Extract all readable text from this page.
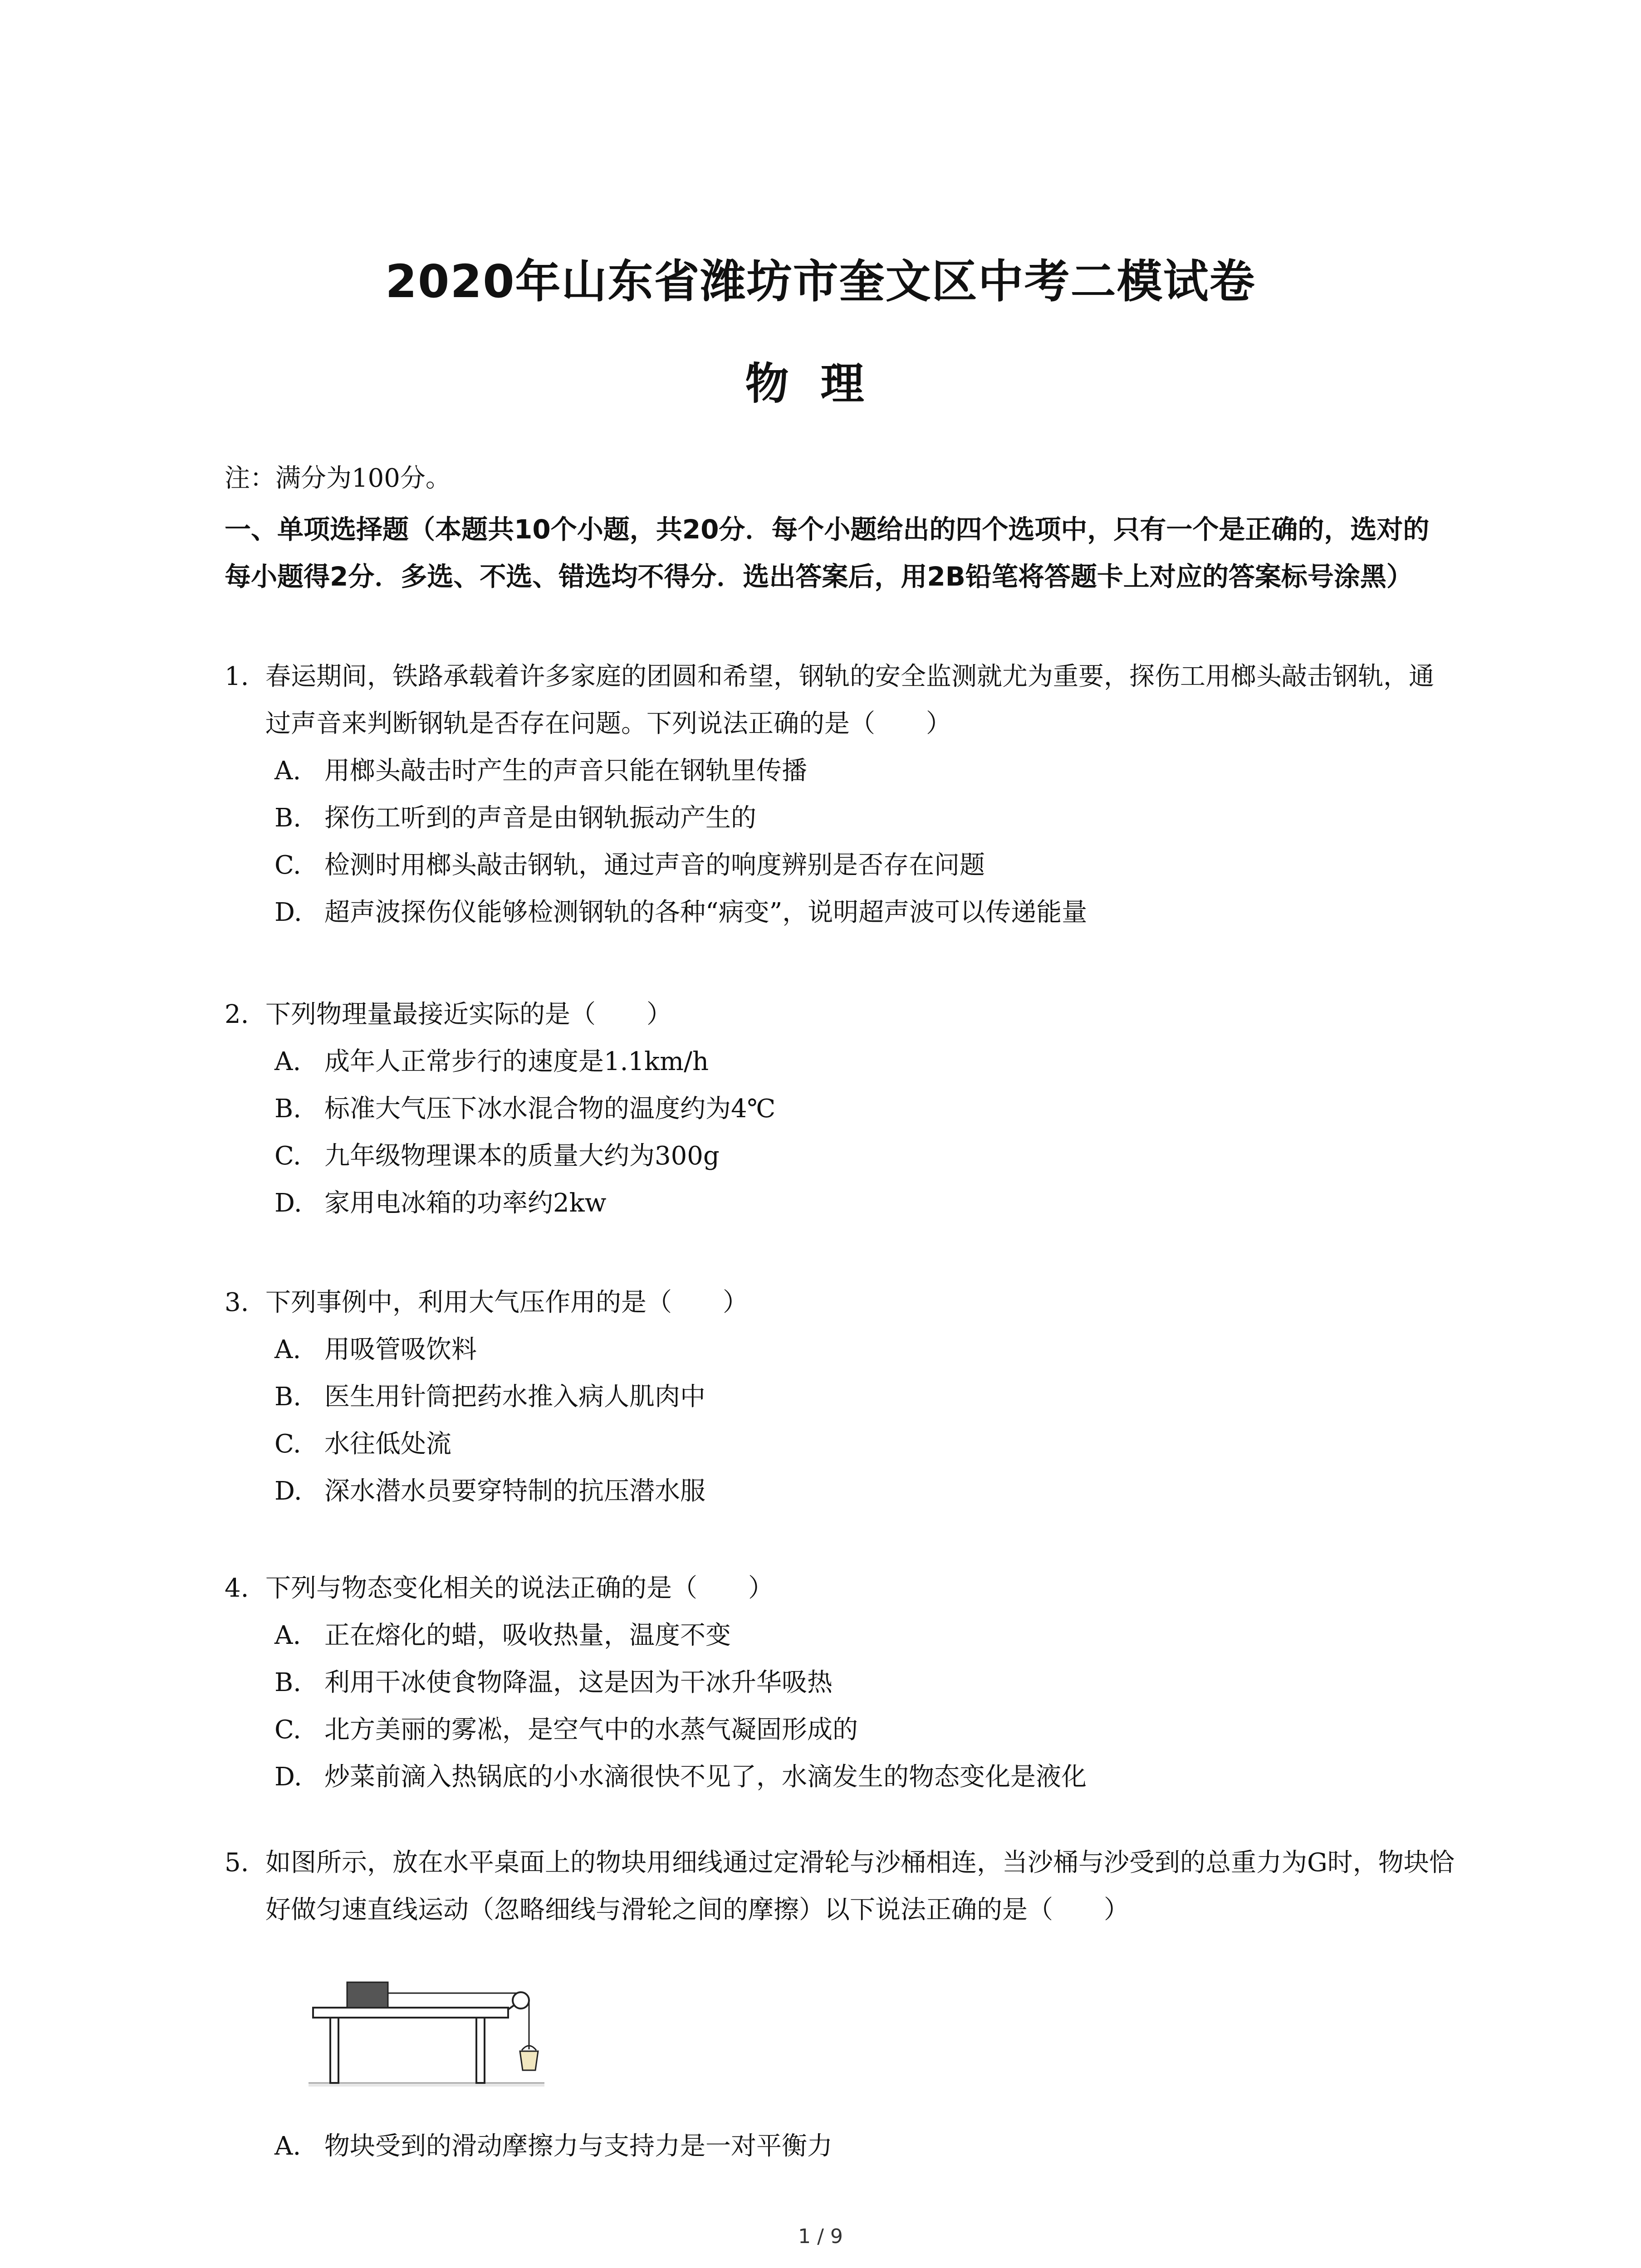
2020年山东省潍坊市奎文区中考二模试卷
物理
注：满分为100分。
一、单项选择题（本题共10个小题，共20分．每个小题给出的四个选项中，只有一个是正确的，选对的每小题得2分．多选、不选、错选均不得分．选出答案后，用2B铅笔将答题卡上对应的答案标号涂黑）
1. 春运期间，铁路承载着许多家庭的团圆和希望，钢轨的安全监测就尤为重要，探伤工用榔头敲击钢轨，通过声音来判断钢轨是否存在问题。下列说法正确的是（　　）
A. 用榔头敲击时产生的声音只能在钢轨里传播
B. 探伤工听到的声音是由钢轨振动产生的
C. 检测时用榔头敲击钢轨，通过声音的响度辨别是否存在问题
D. 超声波探伤仪能够检测钢轨的各种“病变”，说明超声波可以传递能量
2. 下列物理量最接近实际的是（　　）
A. 成年人正常步行的速度是1.1km/h
B. 标准大气压下冰水混合物的温度约为4℃
C. 九年级物理课本的质量大约为300g
D. 家用电冰箱的功率约2kw
3. 下列事例中，利用大气压作用的是（　　）
A. 用吸管吸饮料
B. 医生用针筒把药水推入病人肌肉中
C. 水往低处流
D. 深水潜水员要穿特制的抗压潜水服
4. 下列与物态变化相关的说法正确的是（　　）
A. 正在熔化的蜡，吸收热量，温度不变
B. 利用干冰使食物降温，这是因为干冰升华吸热
C. 北方美丽的雾凇，是空气中的水蒸气凝固形成的
D. 炒菜前滴入热锅底的小水滴很快不见了，水滴发生的物态变化是液化
5. 如图所示，放在水平桌面上的物块用细线通过定滑轮与沙桶相连，当沙桶与沙受到的总重力为G时，物块恰好做匀速直线运动（忽略细线与滑轮之间的摩擦）以下说法正确的是（　　）
A. 物块受到的滑动摩擦力与支持力是一对平衡力
1 / 9
